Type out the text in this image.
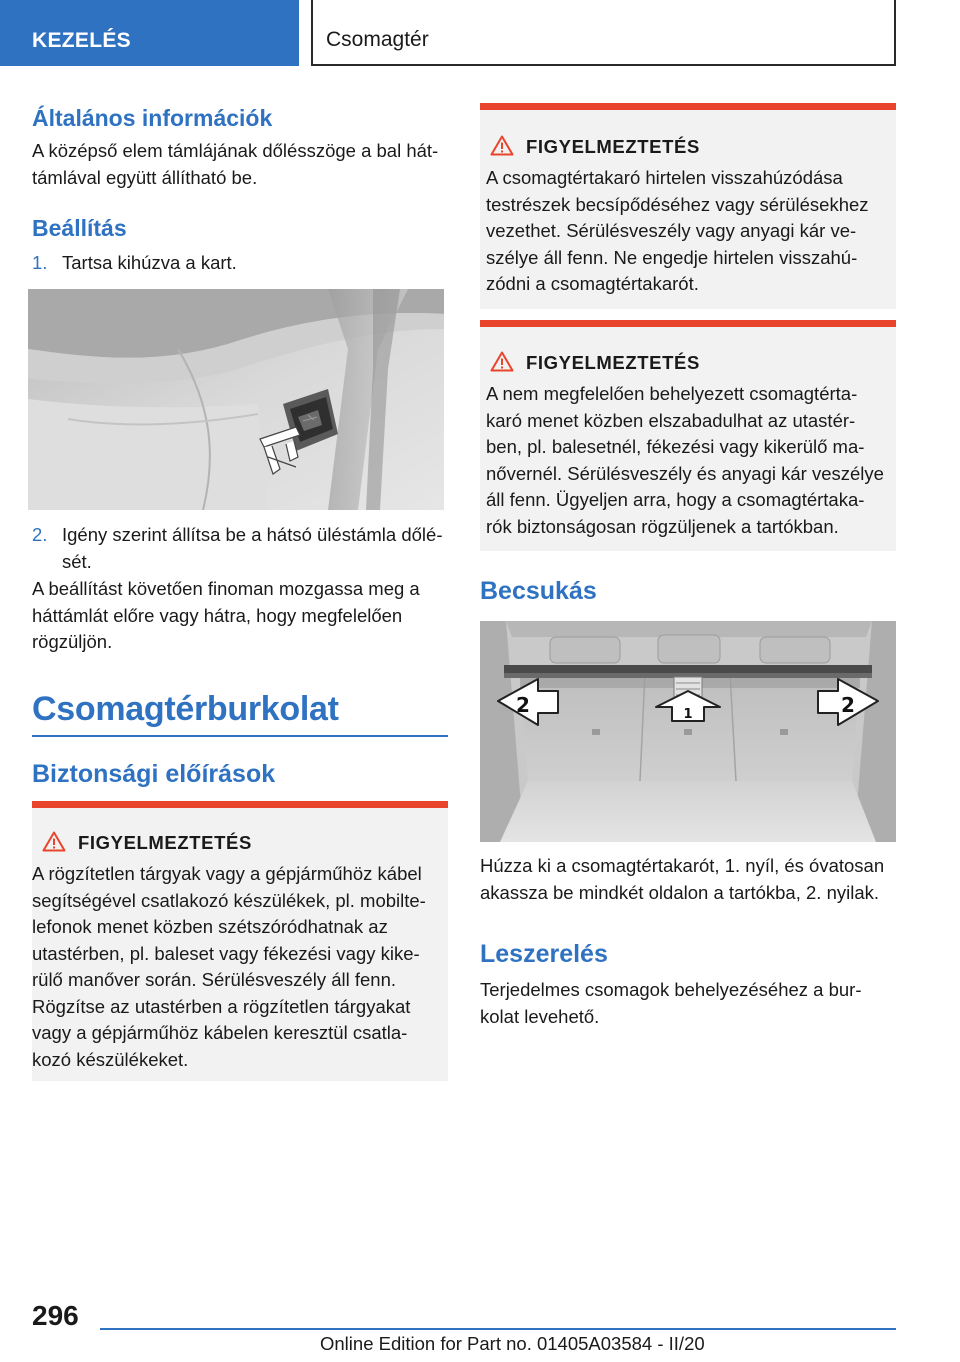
KEZELÉS	Csomagtér
Általános információk
A középső elem támlájának dőlésszöge a bal hát-
támlával együtt állítható be.
Beállítás
1. Tartsa kihúzva a kart.
2. Igény szerint állítsa be a hátsó üléstámla dőlé-
sét.
A beállítást követően finoman mozgassa meg a
háttámlát előre vagy hátra, hogy megfelelően
rögzüljön.
Csomagtérburkolat
Biztonsági előírások
FIGYELMEZTETÉS
A rögzítetlen tárgyak vagy a gépjárműhöz kábel
segítségével csatlakozó készülékek, pl. mobilte-
lefonok menet közben szétszóródhatnak az
utastérben, pl. baleset vagy fékezési vagy kike-
rülő manőver során. Sérülésveszély áll fenn.
Rögzítse az utastérben a rögzítetlen tárgyakat
vagy a gépjárműhöz kábelen keresztül csatla-
kozó készülékeket.
FIGYELMEZTETÉS
A csomagtértakaró hirtelen visszahúzódása
testrészek becsípődéséhez vagy sérülésekhez
vezethet. Sérülésveszély vagy anyagi kár ve-
szélye áll fenn. Ne engedje hirtelen visszahú-
zódni a csomagtértakarót.
FIGYELMEZTETÉS
A nem megfelelően behelyezett csomagtérta-
karó menet közben elszabadulhat az utastér-
ben, pl. balesetnél, fékezési vagy kikerülő ma-
nővernél. Sérülésveszély és anyagi kár veszélye
áll fenn. Ügyeljen arra, hogy a csomagtértaka-
rók biztonságosan rögzüljenek a tartókban.
Becsukás
2	1	2
Húzza ki a csomagtértakarót, 1. nyíl, és óvatosan
akassza be mindkét oldalon a tartókba, 2. nyilak.
Leszerelés
Terjedelmes csomagok behelyezéséhez a bur-
kolat levehető.
296
Online Edition for Part no. 01405A03584 - II/20
